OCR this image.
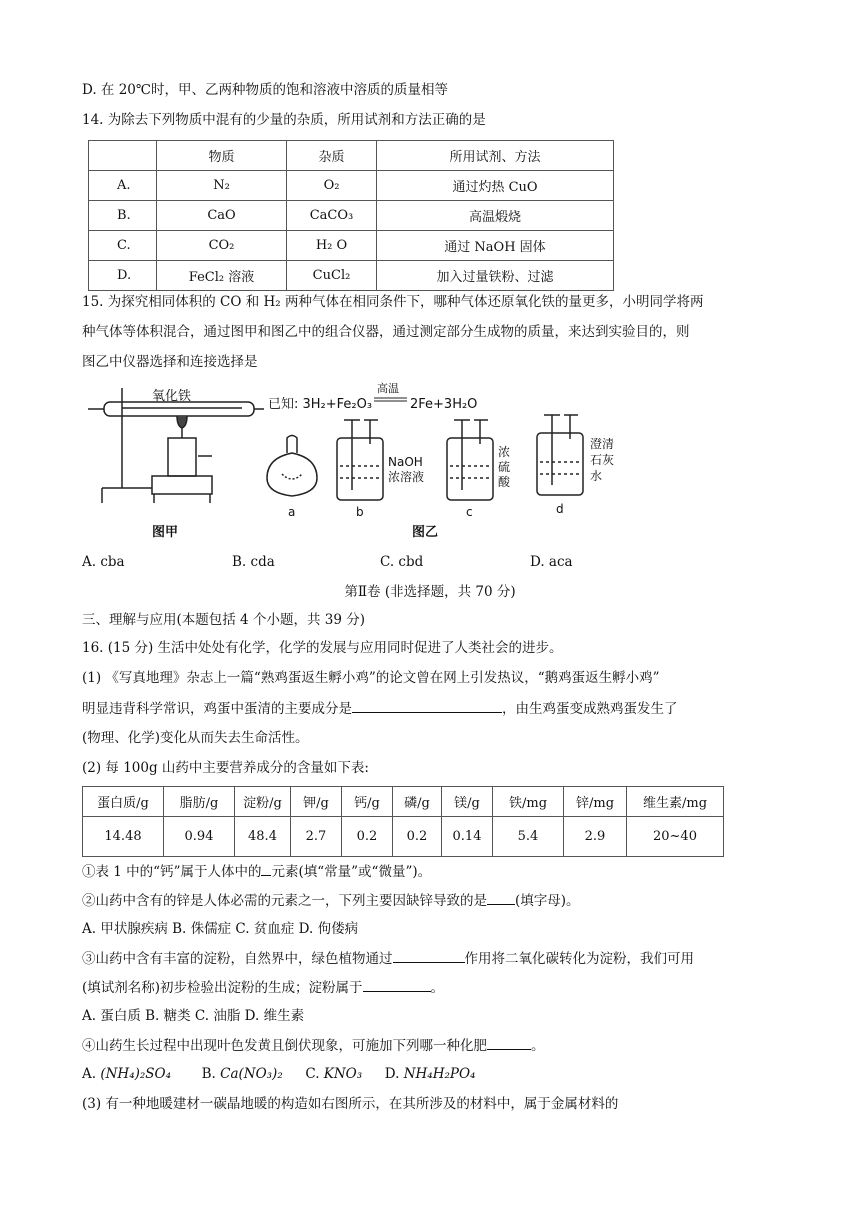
D. 在 20℃时，甲、乙两种物质的饱和溶液中溶质的质量相等
14. 为除去下列物质中混有的少量的杂质，所用试剂和方法正确的是
	物质	杂质	所用试剂、方法
A.	N₂	O₂	通过灼热 CuO
B.	CaO	CaCO₃	高温煅烧
C.	CO₂	H₂ O	通过 NaOH 固体
D.	FeCl₂ 溶液	CuCl₂	加入过量铁粉、过滤
15. 为探究相同体积的 CO 和 H₂ 两种气体在相同条件下，哪种气体还原氧化铁的量更多，小明同学将两
种气体等体积混合，通过图甲和图乙中的组合仪器，通过测定部分生成物的质量，来达到实验目的，则
图乙中仪器选择和连接选择是
氧化铁
图甲
已知: 3H₂+Fe₂O₃
高温
2Fe+3H₂O
a
NaOH
浓溶液
b
浓
硫
酸
c
澄清
石灰
水
d
图乙
A. cba	B. cda	C. cbd	D. aca
第Ⅱ卷 (非选择题，共 70 分)
三、理解与应用(本题包括 4 个小题，共 39 分)
16. (15 分) 生活中处处有化学，化学的发展与应用同时促进了人类社会的进步。
(1) 《写真地理》杂志上一篇“熟鸡蛋返生孵小鸡”的论文曾在网上引发热议，“鹅鸡蛋返生孵小鸡”
明显违背科学常识，鸡蛋中蛋清的主要成分是	，由生鸡蛋变成熟鸡蛋发生了
(物理、化学)变化从而失去生命活性。
(2) 每 100g 山药中主要营养成分的含量如下表:
蛋白质/g	脂肪/g	淀粉/g	钾/g	钙/g	磷/g	镁/g	铁/mg	锌/mg	维生素/mg
14.48	0.94	48.4	2.7	0.2	0.2	0.14	5.4	2.9	20~40
①表 1 中的“钙”属于人体中的 元素(填“常量”或“微量”)。
②山药中含有的锌是人体必需的元素之一，下列主要因缺锌导致的是 (填字母)。
A. 甲状腺疾病 B. 侏儒症 C. 贫血症 D. 佝偻病
③山药中含有丰富的淀粉，自然界中，绿色植物通过	作用将二氧化碳转化为淀粉，我们可用
(填试剂名称)初步检验出淀粉的生成；淀粉属于	。
A. 蛋白质 B. 糖类 C. 油脂 D. 维生素
④山药生长过程中出现叶色发黄且倒伏现象，可施加下列哪一种化肥	。
A. (NH₄)₂SO₄ B. Ca(NO₃)₂ C. KNO₃ D. NH₄H₂PO₄
(3) 有一种地暖建材一碳晶地暖的构造如右图所示，在其所涉及的材料中，属于金属材料的
